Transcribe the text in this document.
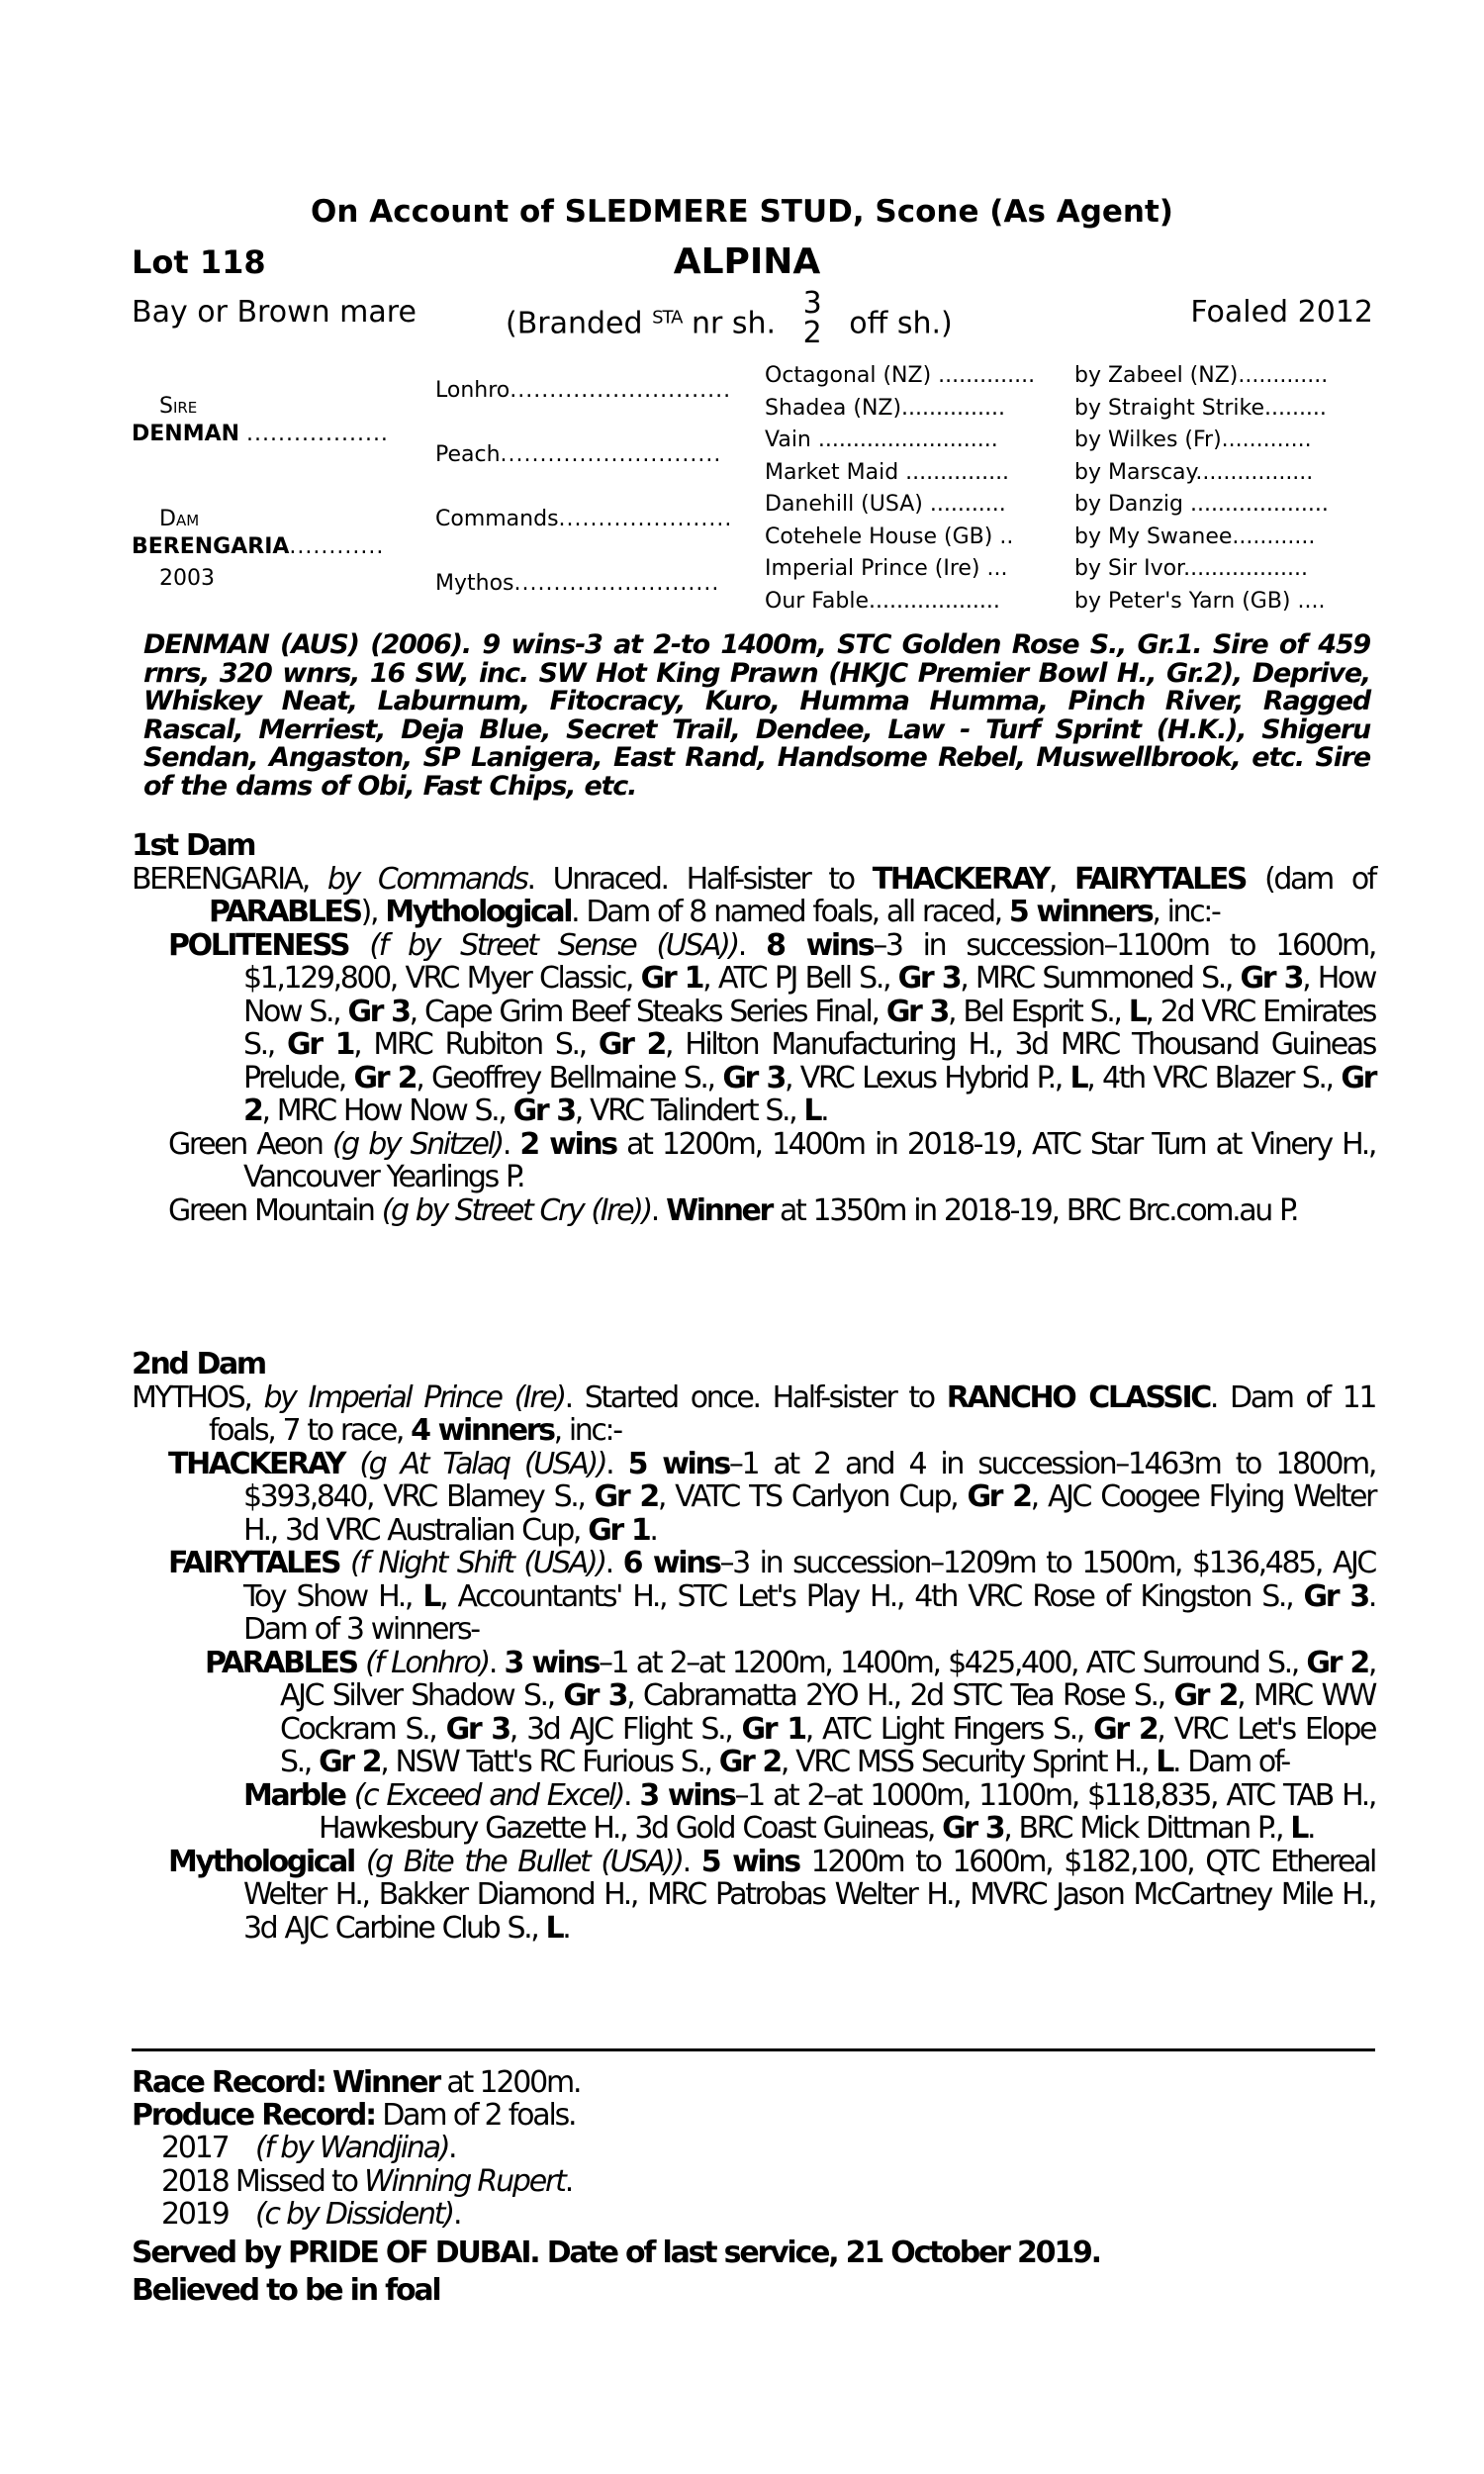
On Account of SLEDMERE STUD, Scone (As Agent)
Lot 118	ALPINA
Bay or Brown mare	(Branded $^{STA}$ nr sh.
3
2 off sh.)	Foaled 2012
Sire
DENMAN ..................
Dam
BERENGARIA............
2003
Lonhro............................
Peach............................
Commands......................
Mythos..........................
Octagonal (NZ) .............. by Zabeel (NZ).............
Shadea (NZ)...............	by Straight Strike.........
Vain ..........................	by Wilkes (Fr).............
Market Maid ...............	by Marscay.................
Danehill (USA) ...........	by Danzig ....................
Cotehele House (GB) ..	by My Swanee............
Imperial Prince (Ire) ...	by Sir Ivor..................
Our Fable...................	by Peter's Yarn (GB) ....
DENMAN (AUS) (2006). 9 wins-3 at 2-to 1400m, STC Golden Rose S., Gr.1. Sire of 459 rnrs, 320 wnrs, 16 SW, inc. SW Hot King Prawn (HKJC Premier Bowl H., Gr.2), Deprive, Whiskey Neat, Laburnum, Fitocracy, Kuro, Humma Humma, Pinch River, Ragged Rascal, Merriest, Deja Blue, Secret Trail, Dendee, Law - Turf Sprint (H.K.), Shigeru Sendan, Angaston, SP Lanigera, East Rand, Handsome Rebel, Muswellbrook, etc. Sire of the dams of Obi, Fast Chips, etc.
1st Dam
BERENGARIA, by Commands. Unraced. Half-sister to THACKERAY, FAIRYTALES (dam of PARABLES), Mythological. Dam of 8 named foals, all raced, 5 winners, inc:-
POLITENESS (f by Street Sense (USA)). 8 wins–3 in succession–1100m to 1600m, $1,129,800, VRC Myer Classic, Gr 1, ATC PJ Bell S., Gr 3, MRC Summoned S., Gr 3, How Now S., Gr 3, Cape Grim Beef Steaks Series Final, Gr 3, Bel Esprit S., L, 2d VRC Emirates S., Gr 1, MRC Rubiton S., Gr 2, Hilton Manufacturing H., 3d MRC Thousand Guineas Prelude, Gr 2, Geoffrey Bellmaine S., Gr 3, VRC Lexus Hybrid P., L, 4th VRC Blazer S., Gr 2, MRC How Now S., Gr 3, VRC Talindert S., L.
Green Aeon (g by Snitzel). 2 wins at 1200m, 1400m in 2018-19, ATC Star Turn at Vinery H., Vancouver Yearlings P.
Green Mountain (g by Street Cry (Ire)). Winner at 1350m in 2018-19, BRC Brc.com.au P.
2nd Dam
MYTHOS, by Imperial Prince (Ire). Started once. Half-sister to RANCHO CLASSIC. Dam of 11 foals, 7 to race, 4 winners, inc:-
THACKERAY (g At Talaq (USA)). 5 wins–1 at 2 and 4 in succession–1463m to 1800m, $393,840, VRC Blamey S., Gr 2, VATC TS Carlyon Cup, Gr 2, AJC Coogee Flying Welter H., 3d VRC Australian Cup, Gr 1.
FAIRYTALES (f Night Shift (USA)). 6 wins–3 in succession–1209m to 1500m, $136,485, AJC Toy Show H., L, Accountants' H., STC Let's Play H., 4th VRC Rose of Kingston S., Gr 3. Dam of 3 winners-
PARABLES (f Lonhro). 3 wins–1 at 2–at 1200m, 1400m, $425,400, ATC Surround S., Gr 2, AJC Silver Shadow S., Gr 3, Cabramatta 2YO H., 2d STC Tea Rose S., Gr 2, MRC WW Cockram S., Gr 3, 3d AJC Flight S., Gr 1, ATC Light Fingers S., Gr 2, VRC Let's Elope S., Gr 2, NSW Tatt's RC Furious S., Gr 2, VRC MSS Security Sprint H., L. Dam of-
Marble (c Exceed and Excel). 3 wins–1 at 2–at 1000m, 1100m, $118,835, ATC TAB H., Hawkesbury Gazette H., 3d Gold Coast Guineas, Gr 3, BRC Mick Dittman P., L.
Mythological (g Bite the Bullet (USA)). 5 wins 1200m to 1600m, $182,100, QTC Ethereal Welter H., Bakker Diamond H., MRC Patrobas Welter H., MVRC Jason McCartney Mile H., 3d AJC Carbine Club S., L.
Race Record: Winner at 1200m.
Produce Record: Dam of 2 foals.
2017 (f by Wandjina) .
2018 Missed to Winning Rupert.
2019 (c by Dissident) .
Served by PRIDE OF DUBAI. Date of last service, 21 October 2019.
Believed to be in foal
